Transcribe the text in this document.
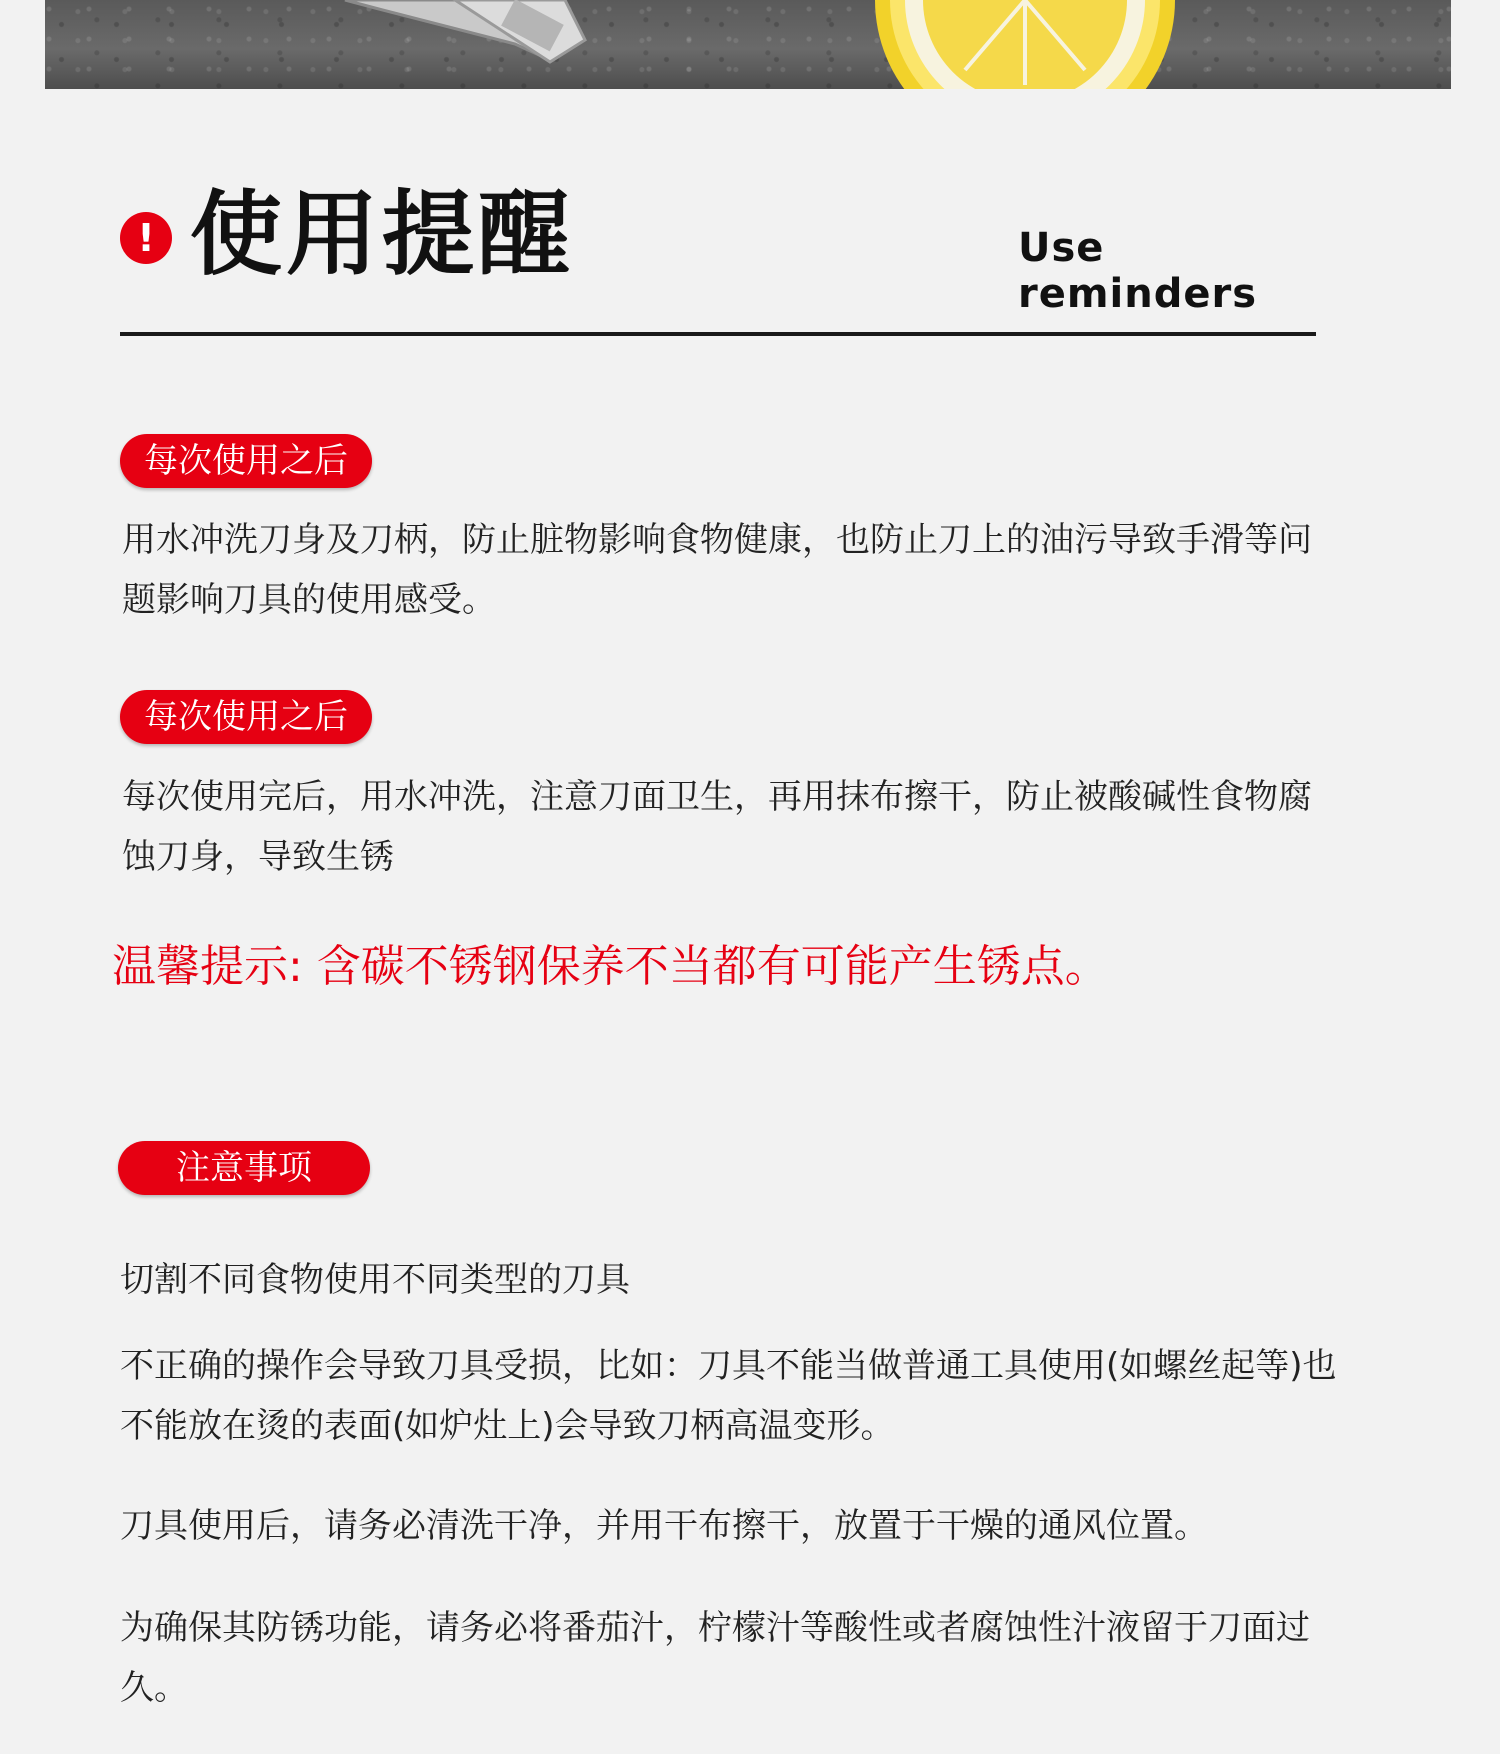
! 使用提醒	Use reminders
每次使用之后
用水冲洗刀身及刀柄，防止脏物影响食物健康，也防止刀上的油污导致手滑等问题影响刀具的使用感受。
每次使用之后
每次使用完后，用水冲洗，注意刀面卫生，再用抹布擦干，防止被酸碱性食物腐蚀刀身，导致生锈
温馨提示: 含碳不锈钢保养不当都有可能产生锈点。
注意事项
切割不同食物使用不同类型的刀具
不正确的操作会导致刀具受损，比如：刀具不能当做普通工具使用(如螺丝起等)也不能放在烫的表面(如炉灶上)会导致刀柄高温变形。
刀具使用后，请务必清洗干净，并用干布擦干，放置于干燥的通风位置。
为确保其防锈功能，请务必将番茄汁，柠檬汁等酸性或者腐蚀性汁液留于刀面过久。
